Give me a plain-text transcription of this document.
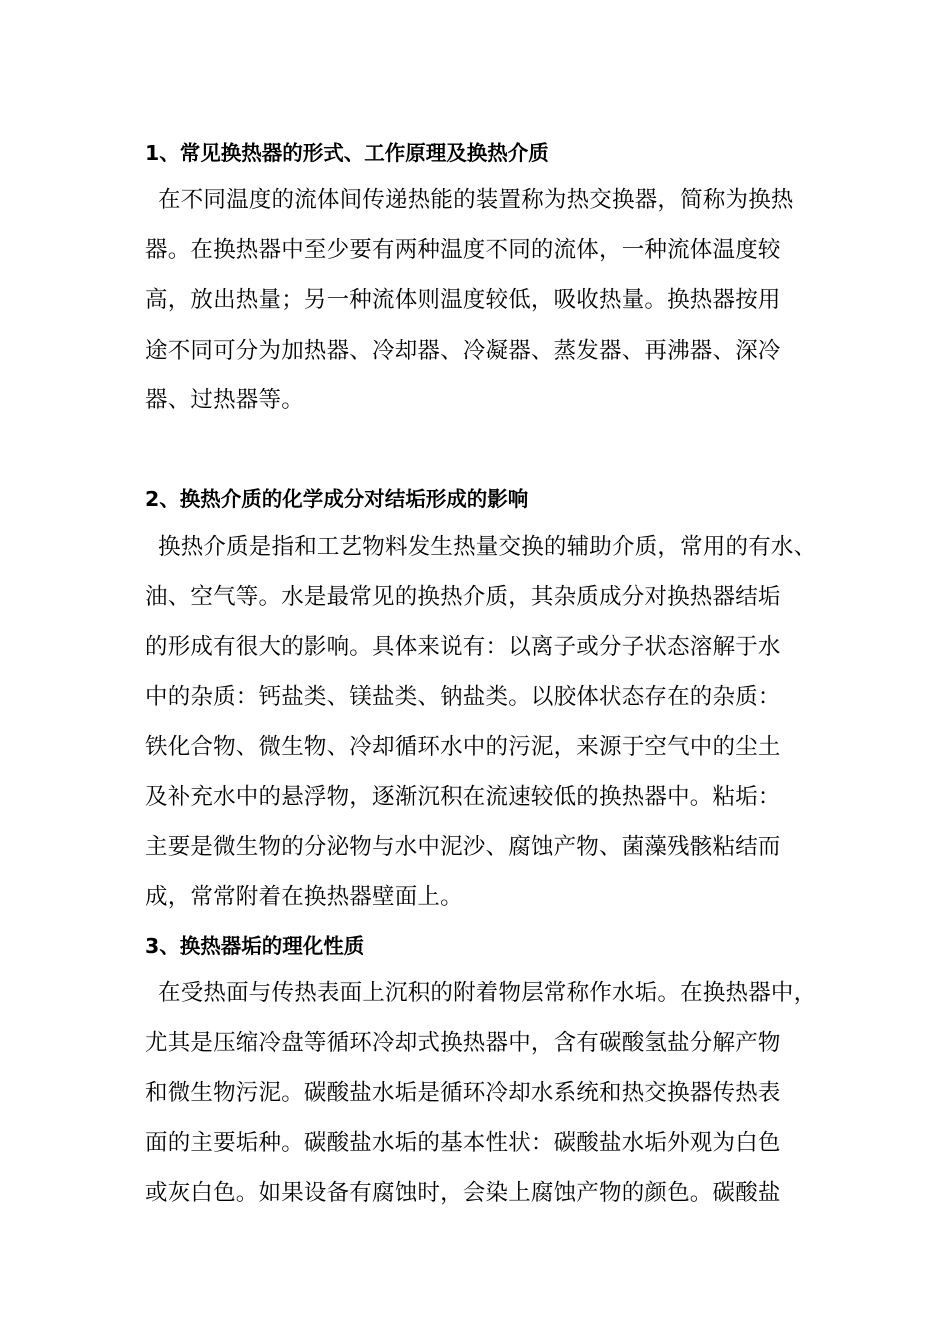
1、常见换热器的形式、工作原理及换热介质
在不同温度的流体间传递热能的装置称为热交换器，简称为换热
器。在换热器中至少要有两种温度不同的流体，一种流体温度较
高，放出热量；另一种流体则温度较低，吸收热量。换热器按用
途不同可分为加热器、冷却器、冷凝器、蒸发器、再沸器、深冷
器、过热器等。
2、换热介质的化学成分对结垢形成的影响
换热介质是指和工艺物料发生热量交换的辅助介质，常用的有水、
油、空气等。水是最常见的换热介质，其杂质成分对换热器结垢
的形成有很大的影响。具体来说有：以离子或分子状态溶解于水
中的杂质：钙盐类、镁盐类、钠盐类。以胶体状态存在的杂质：
铁化合物、微生物、冷却循环水中的污泥，来源于空气中的尘土
及补充水中的悬浮物，逐渐沉积在流速较低的换热器中。粘垢：
主要是微生物的分泌物与水中泥沙、腐蚀产物、菌藻残骸粘结而
成，常常附着在换热器壁面上。
3、换热器垢的理化性质
在受热面与传热表面上沉积的附着物层常称作水垢。在换热器中，
尤其是压缩冷盘等循环冷却式换热器中，含有碳酸氢盐分解产物
和微生物污泥。碳酸盐水垢是循环冷却水系统和热交换器传热表
面的主要垢种。碳酸盐水垢的基本性状：碳酸盐水垢外观为白色
或灰白色。如果设备有腐蚀时，会染上腐蚀产物的颜色。碳酸盐
